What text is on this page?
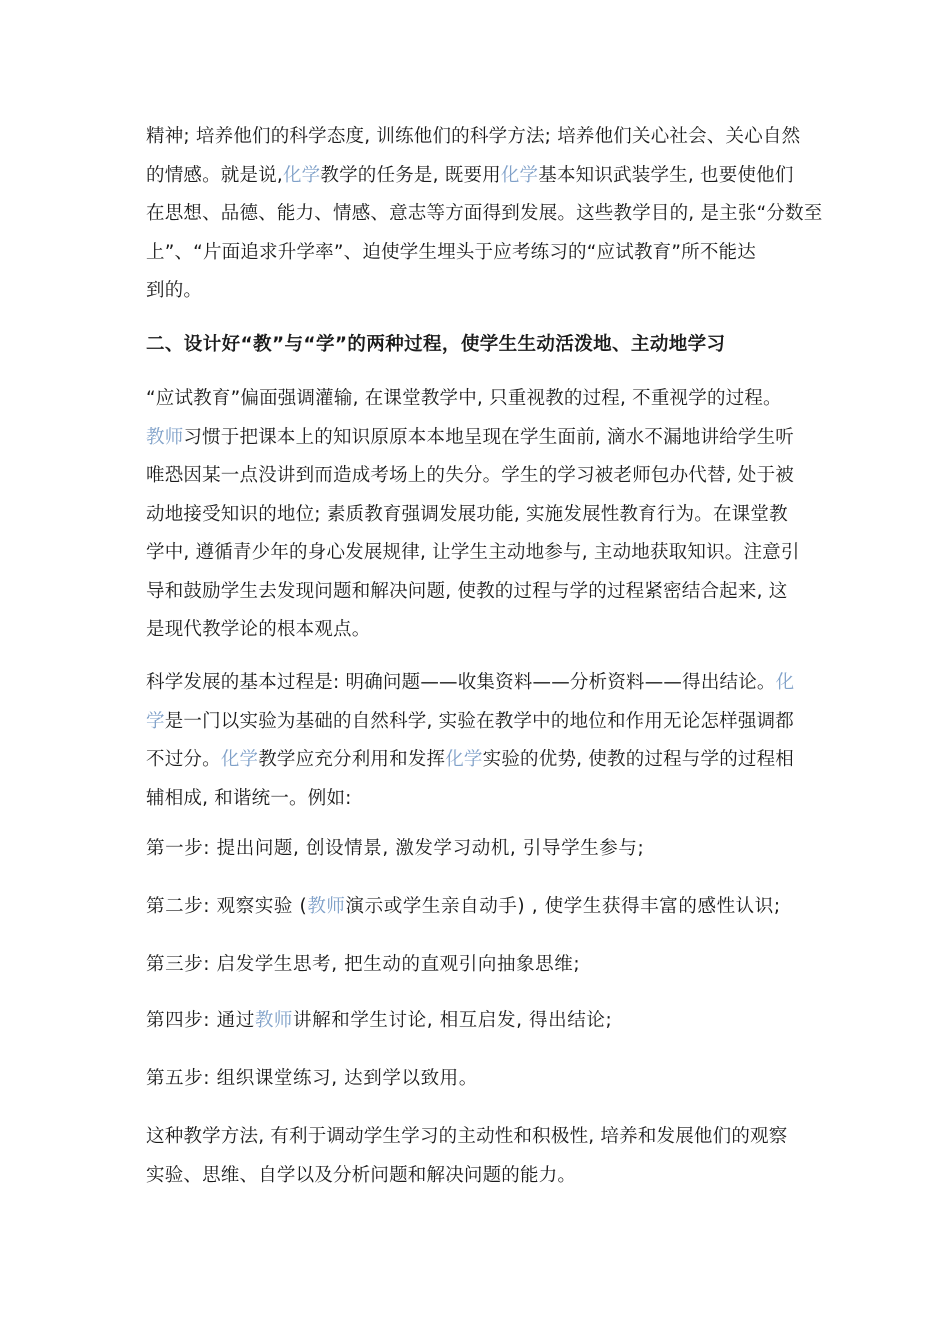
精神; 培养他们的科学态度, 训练他们的科学方法; 培养他们关心社会、关心自然
的情感。就是说,化学教学的任务是, 既要用化学基本知识武装学生, 也要使他们
在思想、品德、能力、情感、意志等方面得到发展。这些教学目的, 是主张“分数至
上”、“片面追求升学率”、迫使学生埋头于应考练习的“应试教育”所不能达
到的。

二、设计好“教”与“学”的两种过程，使学生生动活泼地、主动地学习

“应试教育”偏面强调灌输, 在课堂教学中, 只重视教的过程, 不重视学的过程。
教师习惯于把课本上的知识原原本本地呈现在学生面前, 滴水不漏地讲给学生听
唯恐因某一点没讲到而造成考场上的失分。学生的学习被老师包办代替, 处于被
动地接受知识的地位; 素质教育强调发展功能, 实施发展性教育行为。在课堂教
学中, 遵循青少年的身心发展规律, 让学生主动地参与, 主动地获取知识。注意引
导和鼓励学生去发现问题和解决问题, 使教的过程与学的过程紧密结合起来, 这
是现代教学论的根本观点。
科学发展的基本过程是: 明确问题——收集资料——分析资料——得出结论。化
学是一门以实验为基础的自然科学, 实验在教学中的地位和作用无论怎样强调都
不过分。化学教学应充分利用和发挥化学实验的优势, 使教的过程与学的过程相
辅相成, 和谐统一。例如:

第一步: 提出问题, 创设情景, 激发学习动机, 引导学生参与;

第二步: 观察实验 (教师演示或学生亲自动手) , 使学生获得丰富的感性认识;

第三步: 启发学生思考, 把生动的直观引向抽象思维;

第四步: 通过教师讲解和学生讨论, 相互启发, 得出结论;

第五步: 组织课堂练习, 达到学以致用。

这种教学方法, 有利于调动学生学习的主动性和积极性, 培养和发展他们的观察
实验、思维、自学以及分析问题和解决问题的能力。
